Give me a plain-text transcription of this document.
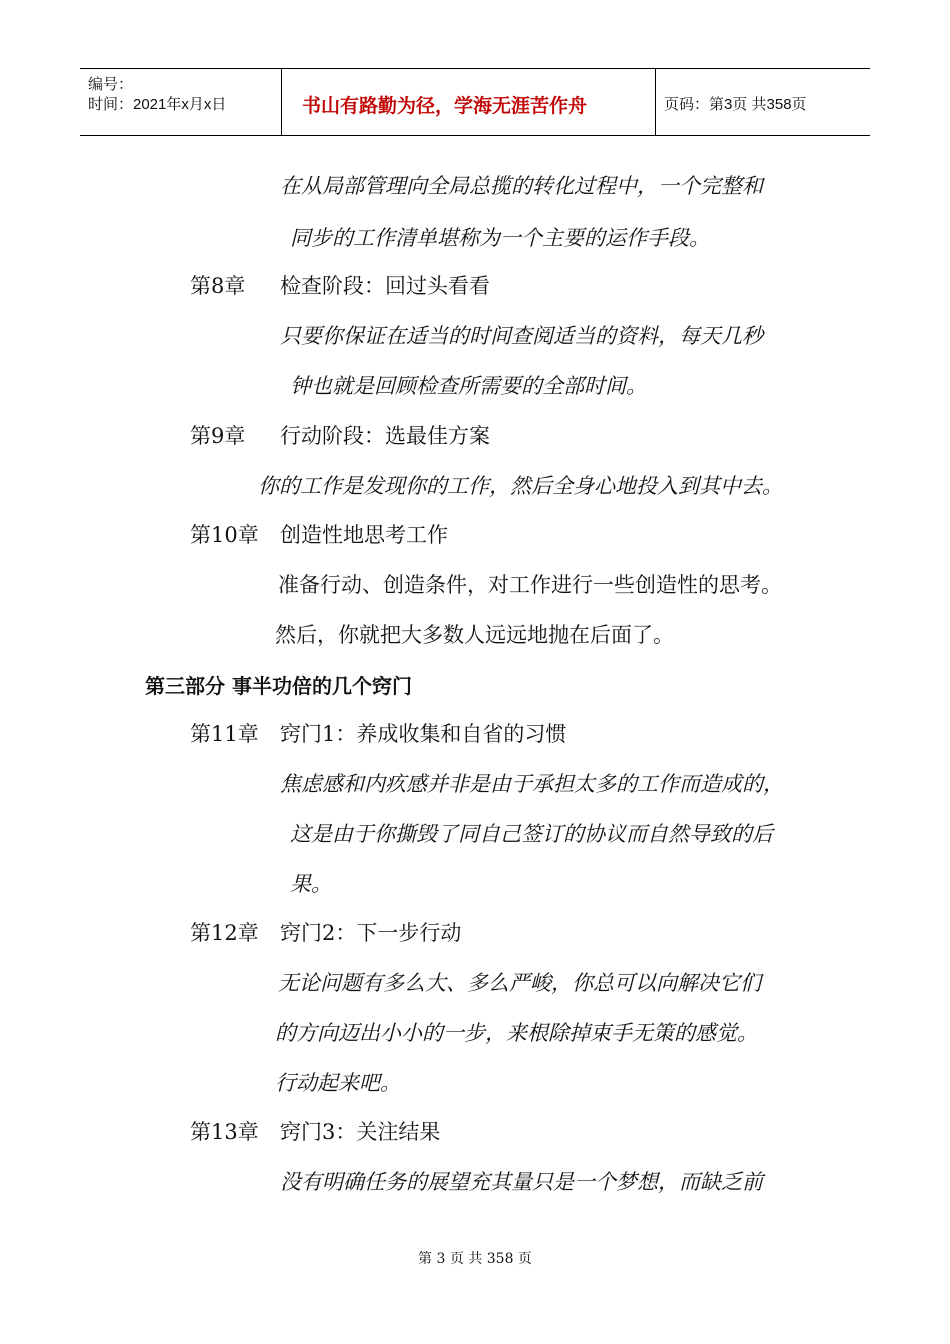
编号：
时间：2021年x月x日	书山有路勤为径，学海无涯苦作舟	页码：第3页 共358页
在从局部管理向全局总揽的转化过程中，一个完整和
同步的工作清单堪称为一个主要的运作手段。
第8章 检查阶段：回过头看看
只要你保证在适当的时间查阅适当的资料，每天几秒
钟也就是回顾检查所需要的全部时间。
第9章 行动阶段：选最佳方案
你的工作是发现你的工作，然后全身心地投入到其中去。
第10章 创造性地思考工作
准备行动、创造条件，对工作进行一些创造性的思考。
然后，你就把大多数人远远地抛在后面了。
第三部分 事半功倍的几个窍门
第11章 窍门1：养成收集和自省的习惯
焦虑感和内疚感并非是由于承担太多的工作而造成的，
这是由于你撕毁了同自己签订的协议而自然导致的后
果。
第12章 窍门2：下一步行动
无论问题有多么大、多么严峻，你总可以向解决它们
的方向迈出小小的一步，来根除掉束手无策的感觉。
行动起来吧。
第13章 窍门3：关注结果
没有明确任务的展望充其量只是一个梦想，而缺乏前
第 3 页 共 358 页
